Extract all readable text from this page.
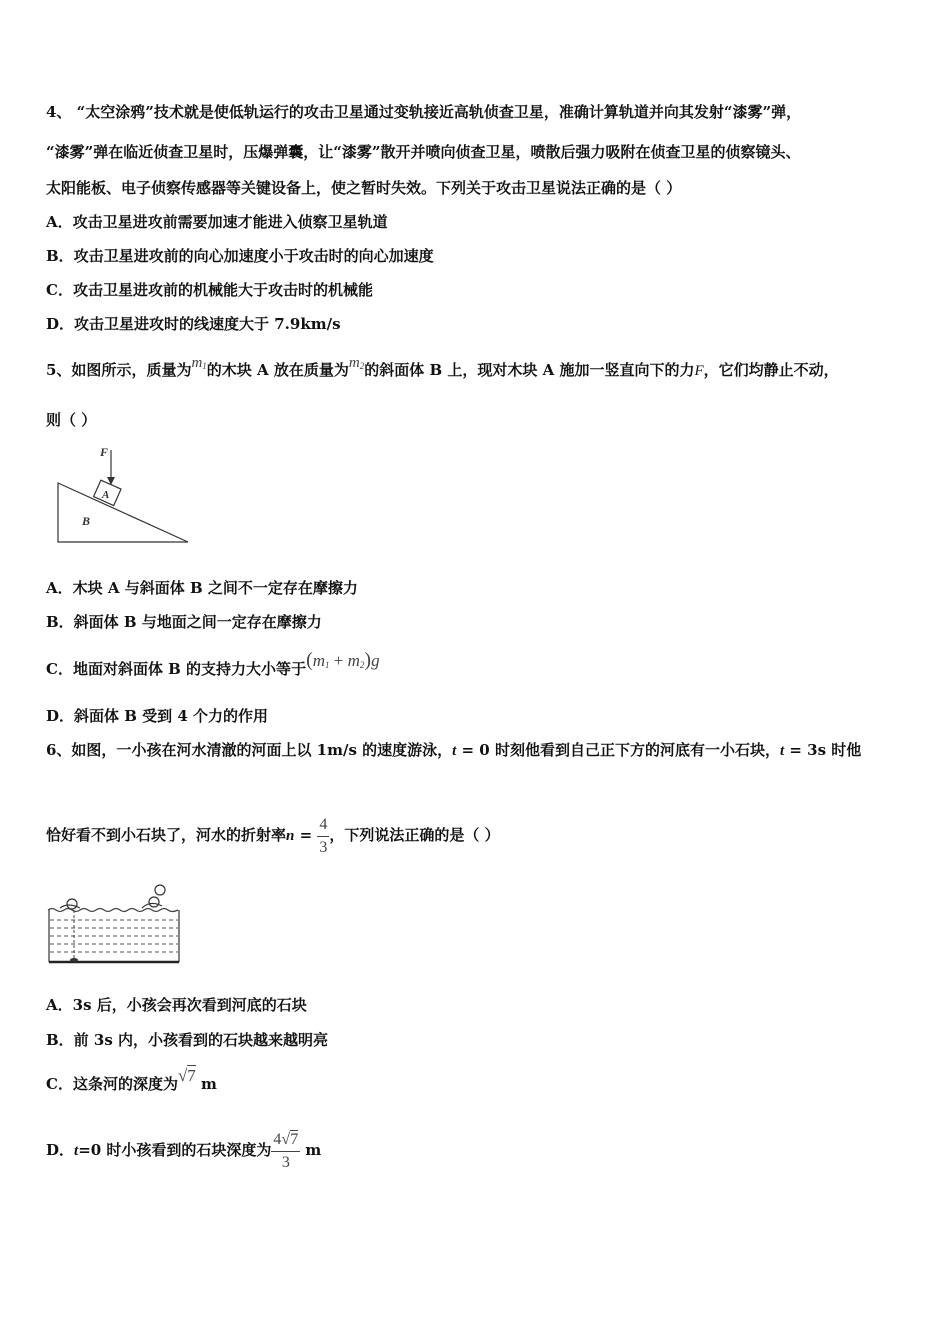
4、 “太空涂鸦”技术就是使低轨运行的攻击卫星通过变轨接近高轨侦查卫星，准确计算轨道并向其发射“漆雾”弹，
“漆雾”弹在临近侦查卫星时，压爆弹囊，让“漆雾”散开并喷向侦查卫星，喷散后强力吸附在侦查卫星的侦察镜头、
太阳能板、电子侦察传感器等关键设备上，使之暂时失效。下列关于攻击卫星说法正确的是（ ）
A．攻击卫星进攻前需要加速才能进入侦察卫星轨道
B．攻击卫星进攻前的向心加速度小于攻击时的向心加速度
C．攻击卫星进攻前的机械能大于攻击时的机械能
D．攻击卫星进攻时的线速度大于 7.9km/s
5、如图所示，质量为$m_1$的木块 A 放在质量为$m_2$的斜面体 B 上，现对木块 A 施加一竖直向下的力F，它们均静止不动，
则（ ）
F
A
B
A．木块 A 与斜面体 B 之间不一定存在摩擦力
B．斜面体 B 与地面之间一定存在摩擦力
C．地面对斜面体 B 的支持力大小等于$(m_1 + m_2)g$
D．斜面体 B 受到 4 个力的作用
6、如图，一小孩在河水清澈的河面上以 1m/s 的速度游泳，t = 0 时刻他看到自己正下方的河底有一小石块，t = 3s 时他
恰好看不到小石块了，河水的折射率$n = \frac{4}{3}$ ，下列说法正确的是（ ）
A．3s 后，小孩会再次看到河底的石块
B．前 3s 内，小孩看到的石块越来越明亮
C．这条河的深度为√7 m
D．t=0 时小孩看到的石块深度为 $\frac{4√7}{3}$ m
